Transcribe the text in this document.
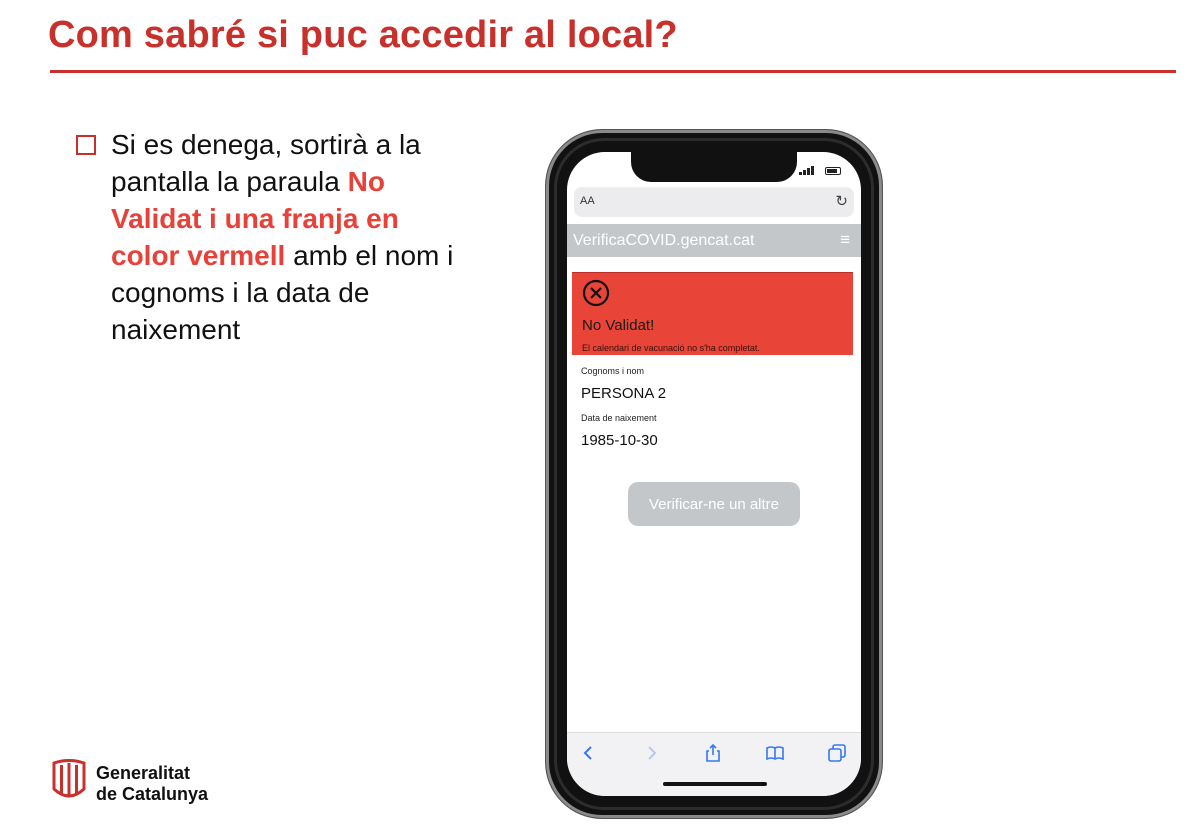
Com sabré si puc accedir al local?
Si es denega, sortirà a la pantalla la paraula No Validat i una franja en color vermell amb el nom i cognoms i la data de naixement
Generalitat
de Catalunya
AA	↻
VerificaCOVID.gencat.cat	≡
No Validat!
El calendari de vacunació no s'ha completat.
Cognoms i nom
PERSONA 2
Data de naixement
1985-10-30
Verificar-ne un altre
